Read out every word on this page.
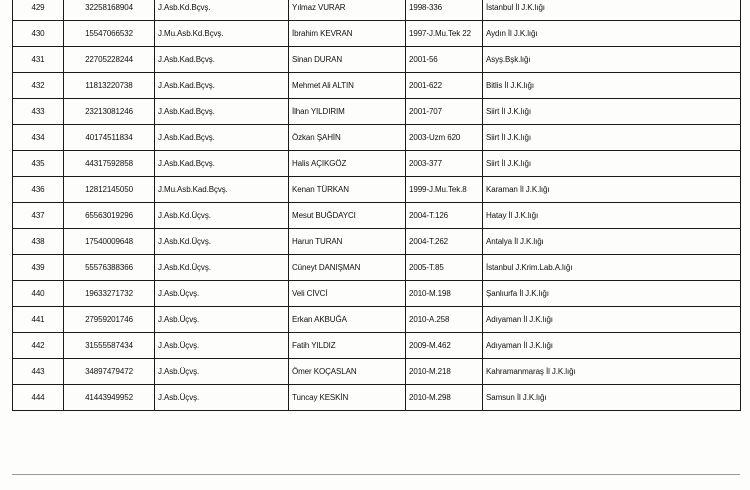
429	32258168904	J.Asb.Kd.Bçvş.	Yılmaz VURAR	1998-336	İstanbul İl J.K.lığı
430	15547066532	J.Mu.Asb.Kd.Bçvş.	İbrahim KEVRAN	1997-J.Mu.Tek 22	Aydın İl J.K.lığı
431	22705228244	J.Asb.Kad.Bçvş.	Sinan DURAN	2001-56	Asyş.Bşk.lığı
432	11813220738	J.Asb.Kad.Bçvş.	Mehmet Ali ALTIN	2001-622	Bitlis İl J.K.lığı
433	23213081246	J.Asb.Kad.Bçvş.	İlhan YILDIRIM	2001-707	Siirt İl J.K.lığı
434	40174511834	J.Asb.Kad.Bçvş.	Özkan ŞAHİN	2003-Uzm 620	Siirt İl J.K.lığı
435	44317592858	J.Asb.Kad.Bçvş.	Halis AÇIKGÖZ	2003-377	Siirt İl J.K.lığı
436	12812145050	J.Mu.Asb.Kad.Bçvş.	Kenan TÜRKAN	1999-J.Mu.Tek.8	Karaman İl J.K.lığı
437	65563019296	J.Asb.Kd.Üçvş.	Mesut BUĞDAYCI	2004-T.126	Hatay İl J.K.lığı
438	17540009648	J.Asb.Kd.Üçvş.	Harun TURAN	2004-T.262	Antalya İl J.K.lığı
439	55576388366	J.Asb.Kd.Üçvş.	Cüneyt DANIŞMAN	2005-T.85	İstanbul J.Krim.Lab.A.lığı
440	19633271732	J.Asb.Üçvş.	Veli CİVCİ	2010-M.198	Şanlıurfa İl J.K.lığı
441	27959201746	J.Asb.Üçvş.	Erkan AKBUĞA	2010-A.258	Adıyaman İl J.K.lığı
442	31555587434	J.Asb.Üçvş.	Fatih YILDIZ	2009-M.462	Adıyaman İl J.K.lığı
443	34897479472	J.Asb.Üçvş.	Ömer KOÇASLAN	2010-M.218	Kahramanmaraş İl J.K.lığı
444	41443949952	J.Asb.Üçvş.	Tuncay KESKİN	2010-M.298	Samsun İl J.K.lığı
